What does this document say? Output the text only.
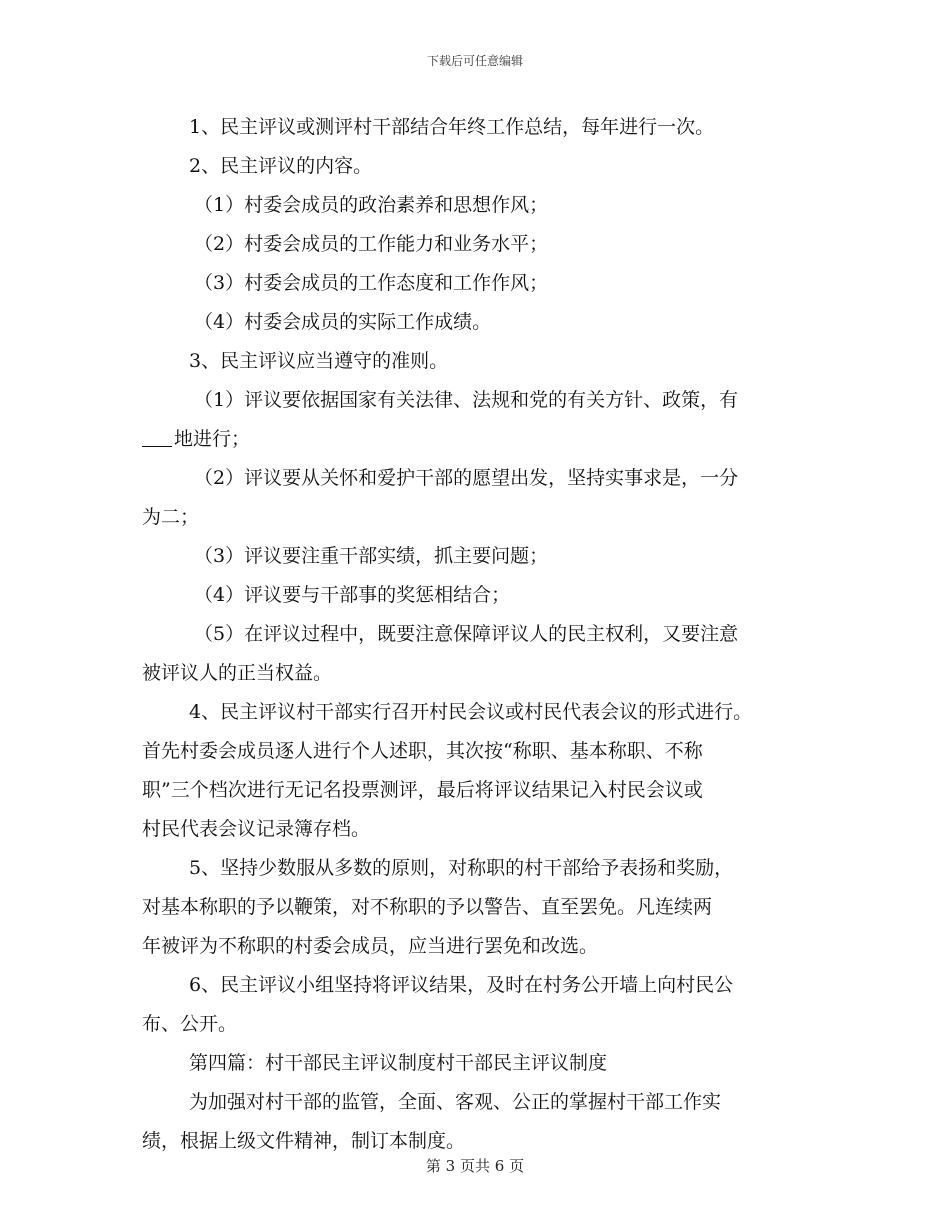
下载后可任意编辑

1、民主评议或测评村干部结合年终工作总结，每年进行一次。

2、民主评议的内容。

（1）村委会成员的政治素养和思想作风；

（2）村委会成员的工作能力和业务水平；

（3）村委会成员的工作态度和工作作风；

（4）村委会成员的实际工作成绩。

3、民主评议应当遵守的准则。

（1）评议要依据国家有关法律、法规和党的有关方针、政策，有

地进行；

（2）评议要从关怀和爱护干部的愿望出发，坚持实事求是，一分

为二；

（3）评议要注重干部实绩，抓主要问题；

（4）评议要与干部事的奖惩相结合；

（5）在评议过程中，既要注意保障评议人的民主权利，又要注意

被评议人的正当权益。

4、民主评议村干部实行召开村民会议或村民代表会议的形式进行。

首先村委会成员逐人进行个人述职，其次按“称职、基本称职、不称

职”三个档次进行无记名投票测评，最后将评议结果记入村民会议或

村民代表会议记录簿存档。

5、坚持少数服从多数的原则，对称职的村干部给予表扬和奖励，

对基本称职的予以鞭策，对不称职的予以警告、直至罢免。凡连续两

年被评为不称职的村委会成员，应当进行罢免和改选。

6、民主评议小组坚持将评议结果，及时在村务公开墙上向村民公

布、公开。

第四篇：村干部民主评议制度村干部民主评议制度

为加强对村干部的监管，全面、客观、公正的掌握村干部工作实

绩，根据上级文件精神，制订本制度。

第 3 页共 6 页
